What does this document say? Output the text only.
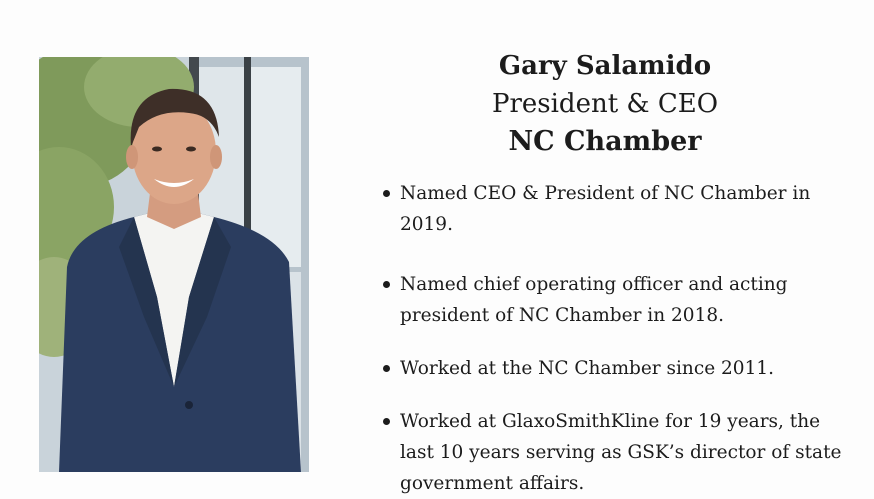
Gary Salamido

President & CEO

NC Chamber

Named CEO & President of NC Chamber in 2019.
Named chief operating officer and acting president of NC Chamber in 2018.
Worked at the NC Chamber since 2011.
Worked at GlaxoSmithKline for 19 years, the last 10 years serving as GSK’s director of state government affairs.
